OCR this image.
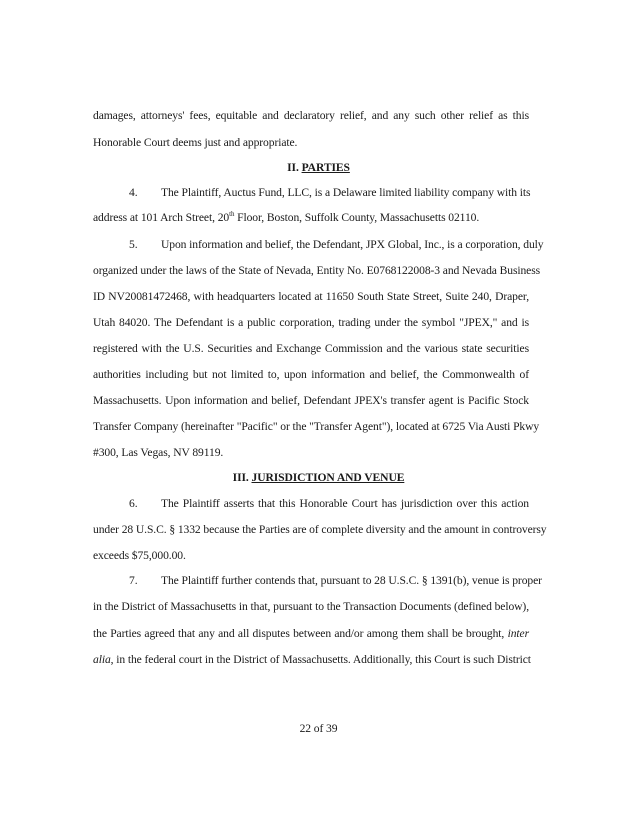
damages, attorneys' fees, equitable and declaratory relief, and any such other relief as this
Honorable Court deems just and appropriate.
II. PARTIES
4. The Plaintiff, Auctus Fund, LLC, is a Delaware limited liability company with its
address at 101 Arch Street, 20th Floor, Boston, Suffolk County, Massachusetts 02110.
5. Upon information and belief, the Defendant, JPX Global, Inc., is a corporation, duly
organized under the laws of the State of Nevada, Entity No. E0768122008-3 and Nevada Business
ID NV20081472468, with headquarters located at 11650 South State Street, Suite 240, Draper,
Utah 84020. The Defendant is a public corporation, trading under the symbol "JPEX," and is
registered with the U.S. Securities and Exchange Commission and the various state securities
authorities including but not limited to, upon information and belief, the Commonwealth of
Massachusetts. Upon information and belief, Defendant JPEX's transfer agent is Pacific Stock
Transfer Company (hereinafter "Pacific" or the "Transfer Agent"), located at 6725 Via Austi Pkwy
#300, Las Vegas, NV 89119.
III. JURISDICTION AND VENUE
6. The Plaintiff asserts that this Honorable Court has jurisdiction over this action
under 28 U.S.C. § 1332 because the Parties are of complete diversity and the amount in controversy
exceeds $75,000.00.
7. The Plaintiff further contends that, pursuant to 28 U.S.C. § 1391(b), venue is proper
in the District of Massachusetts in that, pursuant to the Transaction Documents (defined below),
the Parties agreed that any and all disputes between and/or among them shall be brought, inter
alia, in the federal court in the District of Massachusetts. Additionally, this Court is such District
22 of 39
